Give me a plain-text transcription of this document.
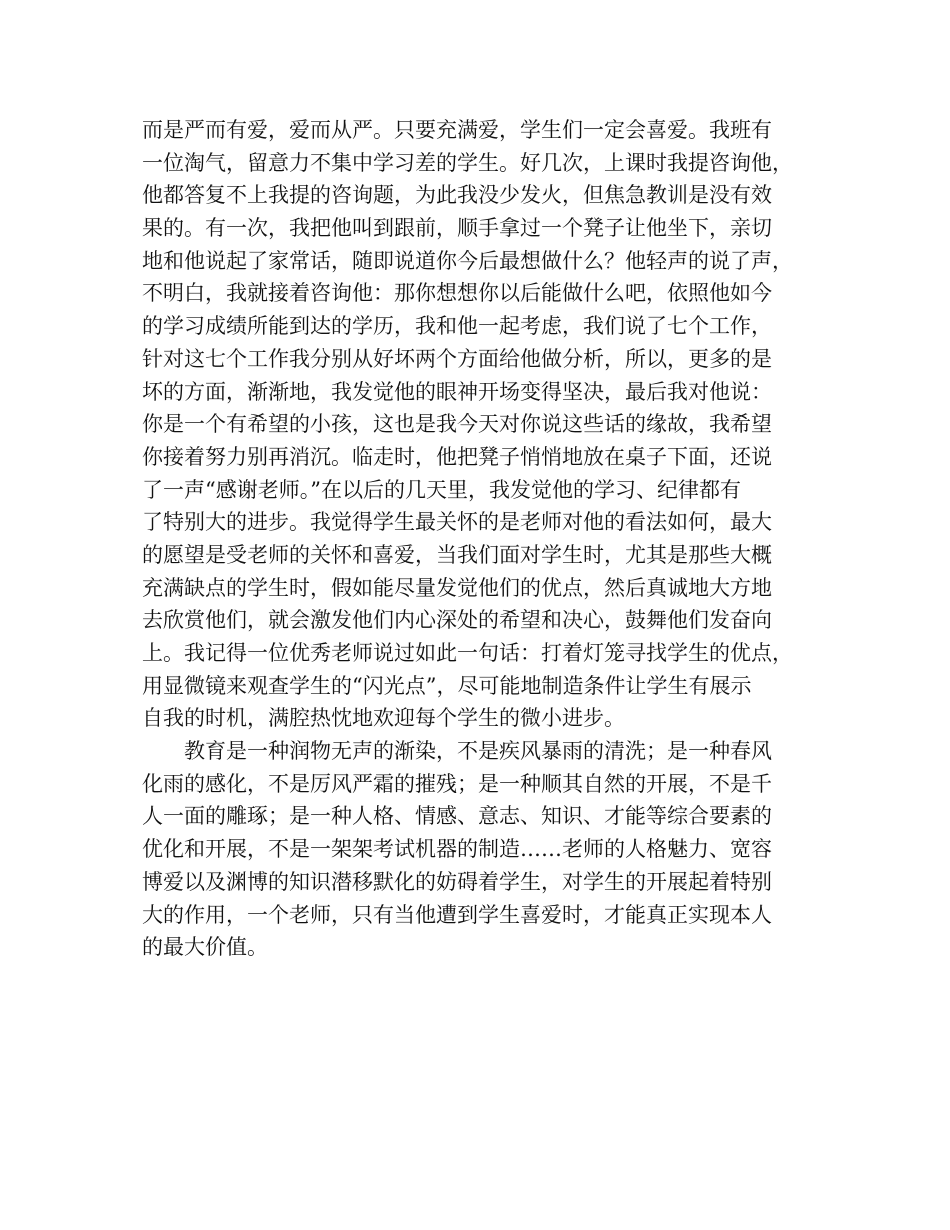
而是严而有爱，爱而从严。只要充满爱，学生们一定会喜爱。我班有
一位淘气，留意力不集中学习差的学生。好几次，上课时我提咨询他，
他都答复不上我提的咨询题，为此我没少发火，但焦急教训是没有效
果的。有一次，我把他叫到跟前，顺手拿过一个凳子让他坐下，亲切
地和他说起了家常话，随即说道你今后最想做什么？他轻声的说了声，
不明白，我就接着咨询他：那你想想你以后能做什么吧，依照他如今
的学习成绩所能到达的学历，我和他一起考虑，我们说了七个工作，
针对这七个工作我分别从好坏两个方面给他做分析，所以，更多的是
坏的方面，渐渐地，我发觉他的眼神开场变得坚决，最后我对他说：
你是一个有希望的小孩，这也是我今天对你说这些话的缘故，我希望
你接着努力别再消沉。临走时，他把凳子悄悄地放在桌子下面，还说
了一声“感谢老师。”在以后的几天里，我发觉他的学习、纪律都有
了特别大的进步。我觉得学生最关怀的是老师对他的看法如何，最大
的愿望是受老师的关怀和喜爱，当我们面对学生时，尤其是那些大概
充满缺点的学生时，假如能尽量发觉他们的优点，然后真诚地大方地
去欣赏他们，就会激发他们内心深处的希望和决心，鼓舞他们发奋向
上。我记得一位优秀老师说过如此一句话：打着灯笼寻找学生的优点，
用显微镜来观查学生的“闪光点”，尽可能地制造条件让学生有展示
自我的时机，满腔热忱地欢迎每个学生的微小进步。
教育是一种润物无声的渐染，不是疾风暴雨的清洗；是一种春风
化雨的感化，不是厉风严霜的摧残；是一种顺其自然的开展，不是千
人一面的雕琢；是一种人格、情感、意志、知识、才能等综合要素的
优化和开展，不是一架架考试机器的制造……老师的人格魅力、宽容
博爱以及渊博的知识潜移默化的妨碍着学生，对学生的开展起着特别
大的作用，一个老师，只有当他遭到学生喜爱时，才能真正实现本人
的最大价值。
